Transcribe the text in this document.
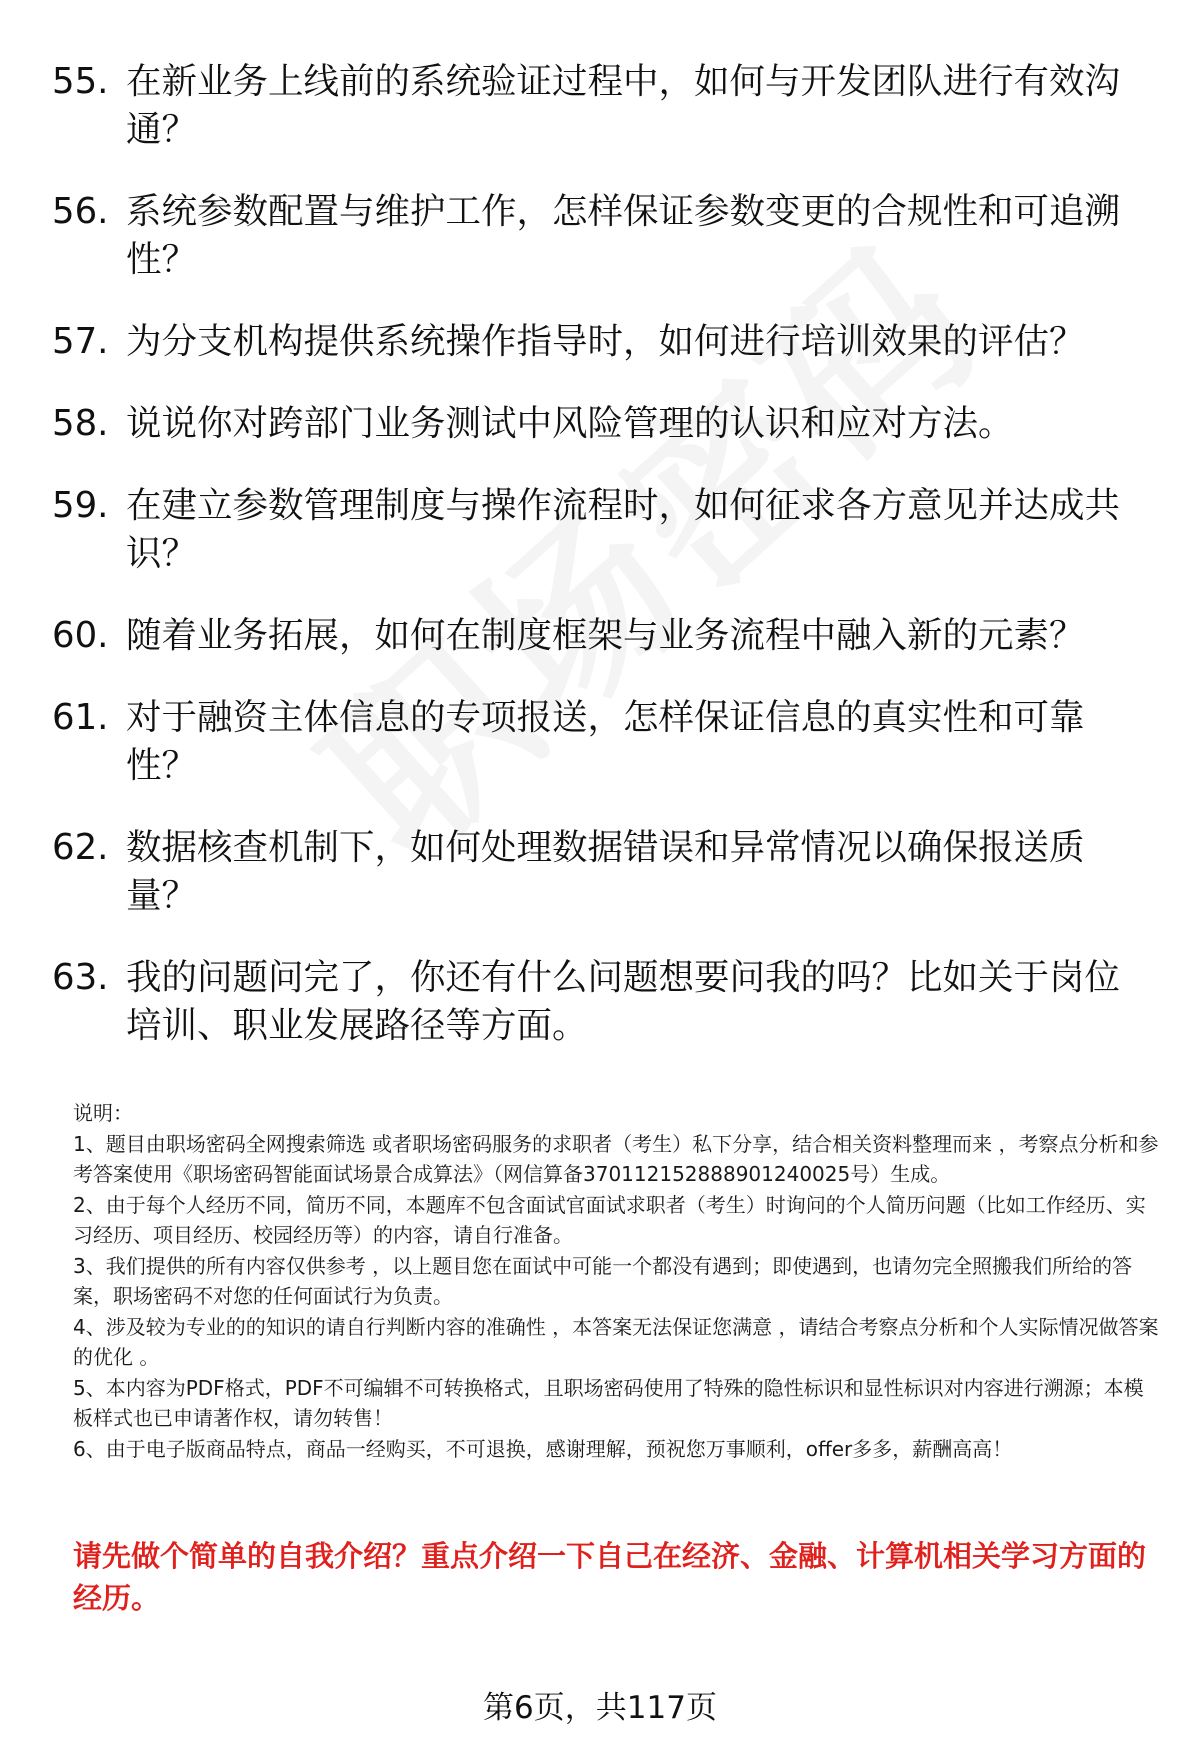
55. 在新业务上线前的系统验证过程中，如何与开发团队进行有效沟通？
56. 系统参数配置与维护工作，怎样保证参数变更的合规性和可追溯性？
57. 为分支机构提供系统操作指导时，如何进行培训效果的评估？
58. 说说你对跨部门业务测试中风险管理的认识和应对方法。
59. 在建立参数管理制度与操作流程时，如何征求各方意见并达成共识？
60. 随着业务拓展，如何在制度框架与业务流程中融入新的元素？
61. 对于融资主体信息的专项报送，怎样保证信息的真实性和可靠性？
62. 数据核查机制下，如何处理数据错误和异常情况以确保报送质量？
63. 我的问题问完了，你还有什么问题想要问我的吗？比如关于岗位培训、职业发展路径等方面。
说明：
1、题目由职场密码全网搜索筛选 或者职场密码服务的求职者（考生）私下分享，结合相关资料整理而来 ，考察点分析和参考答案使用《职场密码智能面试场景合成算法》（网信算备370112152888901240025号）生成。
2、由于每个人经历不同，简历不同，本题库不包含面试官面试求职者（考生）时询问的个人简历问题（比如工作经历、实习经历、项目经历、校园经历等）的内容，请自行准备。
3、我们提供的所有内容仅供参考 ，以上题目您在面试中可能一个都没有遇到；即使遇到，也请勿完全照搬我们所给的答案，职场密码不对您的任何面试行为负责。
4、涉及较为专业的的知识的请自行判断内容的准确性 ，本答案无法保证您满意 ，请结合考察点分析和个人实际情况做答案的优化 。
5、本内容为PDF格式，PDF不可编辑不可转换格式，且职场密码使用了特殊的隐性标识和显性标识对内容进行溯源；本模板样式也已申请著作权，请勿转售！
6、由于电子版商品特点，商品一经购买，不可退换，感谢理解，预祝您万事顺利，offer多多，薪酬高高！
请先做个简单的自我介绍？重点介绍一下自己在经济、金融、计算机相关学习方面的经历。
第6页，共117页
